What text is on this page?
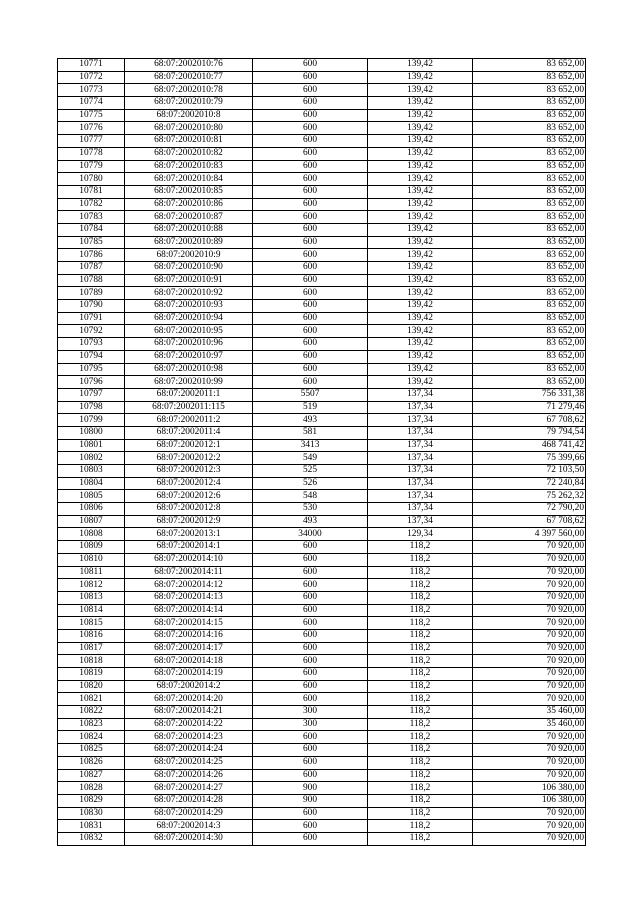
10771	68:07:2002010:76	600	139,42	83 652,00
10772	68:07:2002010:77	600	139,42	83 652,00
10773	68:07:2002010:78	600	139,42	83 652,00
10774	68:07:2002010:79	600	139,42	83 652,00
10775	68:07:2002010:8	600	139,42	83 652,00
10776	68:07:2002010:80	600	139,42	83 652,00
10777	68:07:2002010:81	600	139,42	83 652,00
10778	68:07:2002010:82	600	139,42	83 652,00
10779	68:07:2002010:83	600	139,42	83 652,00
10780	68:07:2002010:84	600	139,42	83 652,00
10781	68:07:2002010:85	600	139,42	83 652,00
10782	68:07:2002010:86	600	139,42	83 652,00
10783	68:07:2002010:87	600	139,42	83 652,00
10784	68:07:2002010:88	600	139,42	83 652,00
10785	68:07:2002010:89	600	139,42	83 652,00
10786	68:07:2002010:9	600	139,42	83 652,00
10787	68:07:2002010:90	600	139,42	83 652,00
10788	68:07:2002010:91	600	139,42	83 652,00
10789	68:07:2002010:92	600	139,42	83 652,00
10790	68:07:2002010:93	600	139,42	83 652,00
10791	68:07:2002010:94	600	139,42	83 652,00
10792	68:07:2002010:95	600	139,42	83 652,00
10793	68:07:2002010:96	600	139,42	83 652,00
10794	68:07:2002010:97	600	139,42	83 652,00
10795	68:07:2002010:98	600	139,42	83 652,00
10796	68:07:2002010:99	600	139,42	83 652,00
10797	68:07:2002011:1	5507	137,34	756 331,38
10798	68:07:2002011:115	519	137,34	71 279,46
10799	68:07:2002011:2	493	137,34	67 708,62
10800	68:07:2002011:4	581	137,34	79 794,54
10801	68:07:2002012:1	3413	137,34	468 741,42
10802	68:07:2002012:2	549	137,34	75 399,66
10803	68:07:2002012:3	525	137,34	72 103,50
10804	68:07:2002012:4	526	137,34	72 240,84
10805	68:07:2002012:6	548	137,34	75 262,32
10806	68:07:2002012:8	530	137,34	72 790,20
10807	68:07:2002012:9	493	137,34	67 708,62
10808	68:07:2002013:1	34000	129,34	4 397 560,00
10809	68:07:2002014:1	600	118,2	70 920,00
10810	68:07:2002014:10	600	118,2	70 920,00
10811	68:07:2002014:11	600	118,2	70 920,00
10812	68:07:2002014:12	600	118,2	70 920,00
10813	68:07:2002014:13	600	118,2	70 920,00
10814	68:07:2002014:14	600	118,2	70 920,00
10815	68:07:2002014:15	600	118,2	70 920,00
10816	68:07:2002014:16	600	118,2	70 920,00
10817	68:07:2002014:17	600	118,2	70 920,00
10818	68:07:2002014:18	600	118,2	70 920,00
10819	68:07:2002014:19	600	118,2	70 920,00
10820	68:07:2002014:2	600	118,2	70 920,00
10821	68:07:2002014:20	600	118,2	70 920,00
10822	68:07:2002014:21	300	118,2	35 460,00
10823	68:07:2002014:22	300	118,2	35 460,00
10824	68:07:2002014:23	600	118,2	70 920,00
10825	68:07:2002014:24	600	118,2	70 920,00
10826	68:07:2002014:25	600	118,2	70 920,00
10827	68:07:2002014:26	600	118,2	70 920,00
10828	68:07:2002014:27	900	118,2	106 380,00
10829	68:07:2002014:28	900	118,2	106 380,00
10830	68:07:2002014:29	600	118,2	70 920,00
10831	68:07:2002014:3	600	118,2	70 920,00
10832	68:07:2002014:30	600	118,2	70 920,00
